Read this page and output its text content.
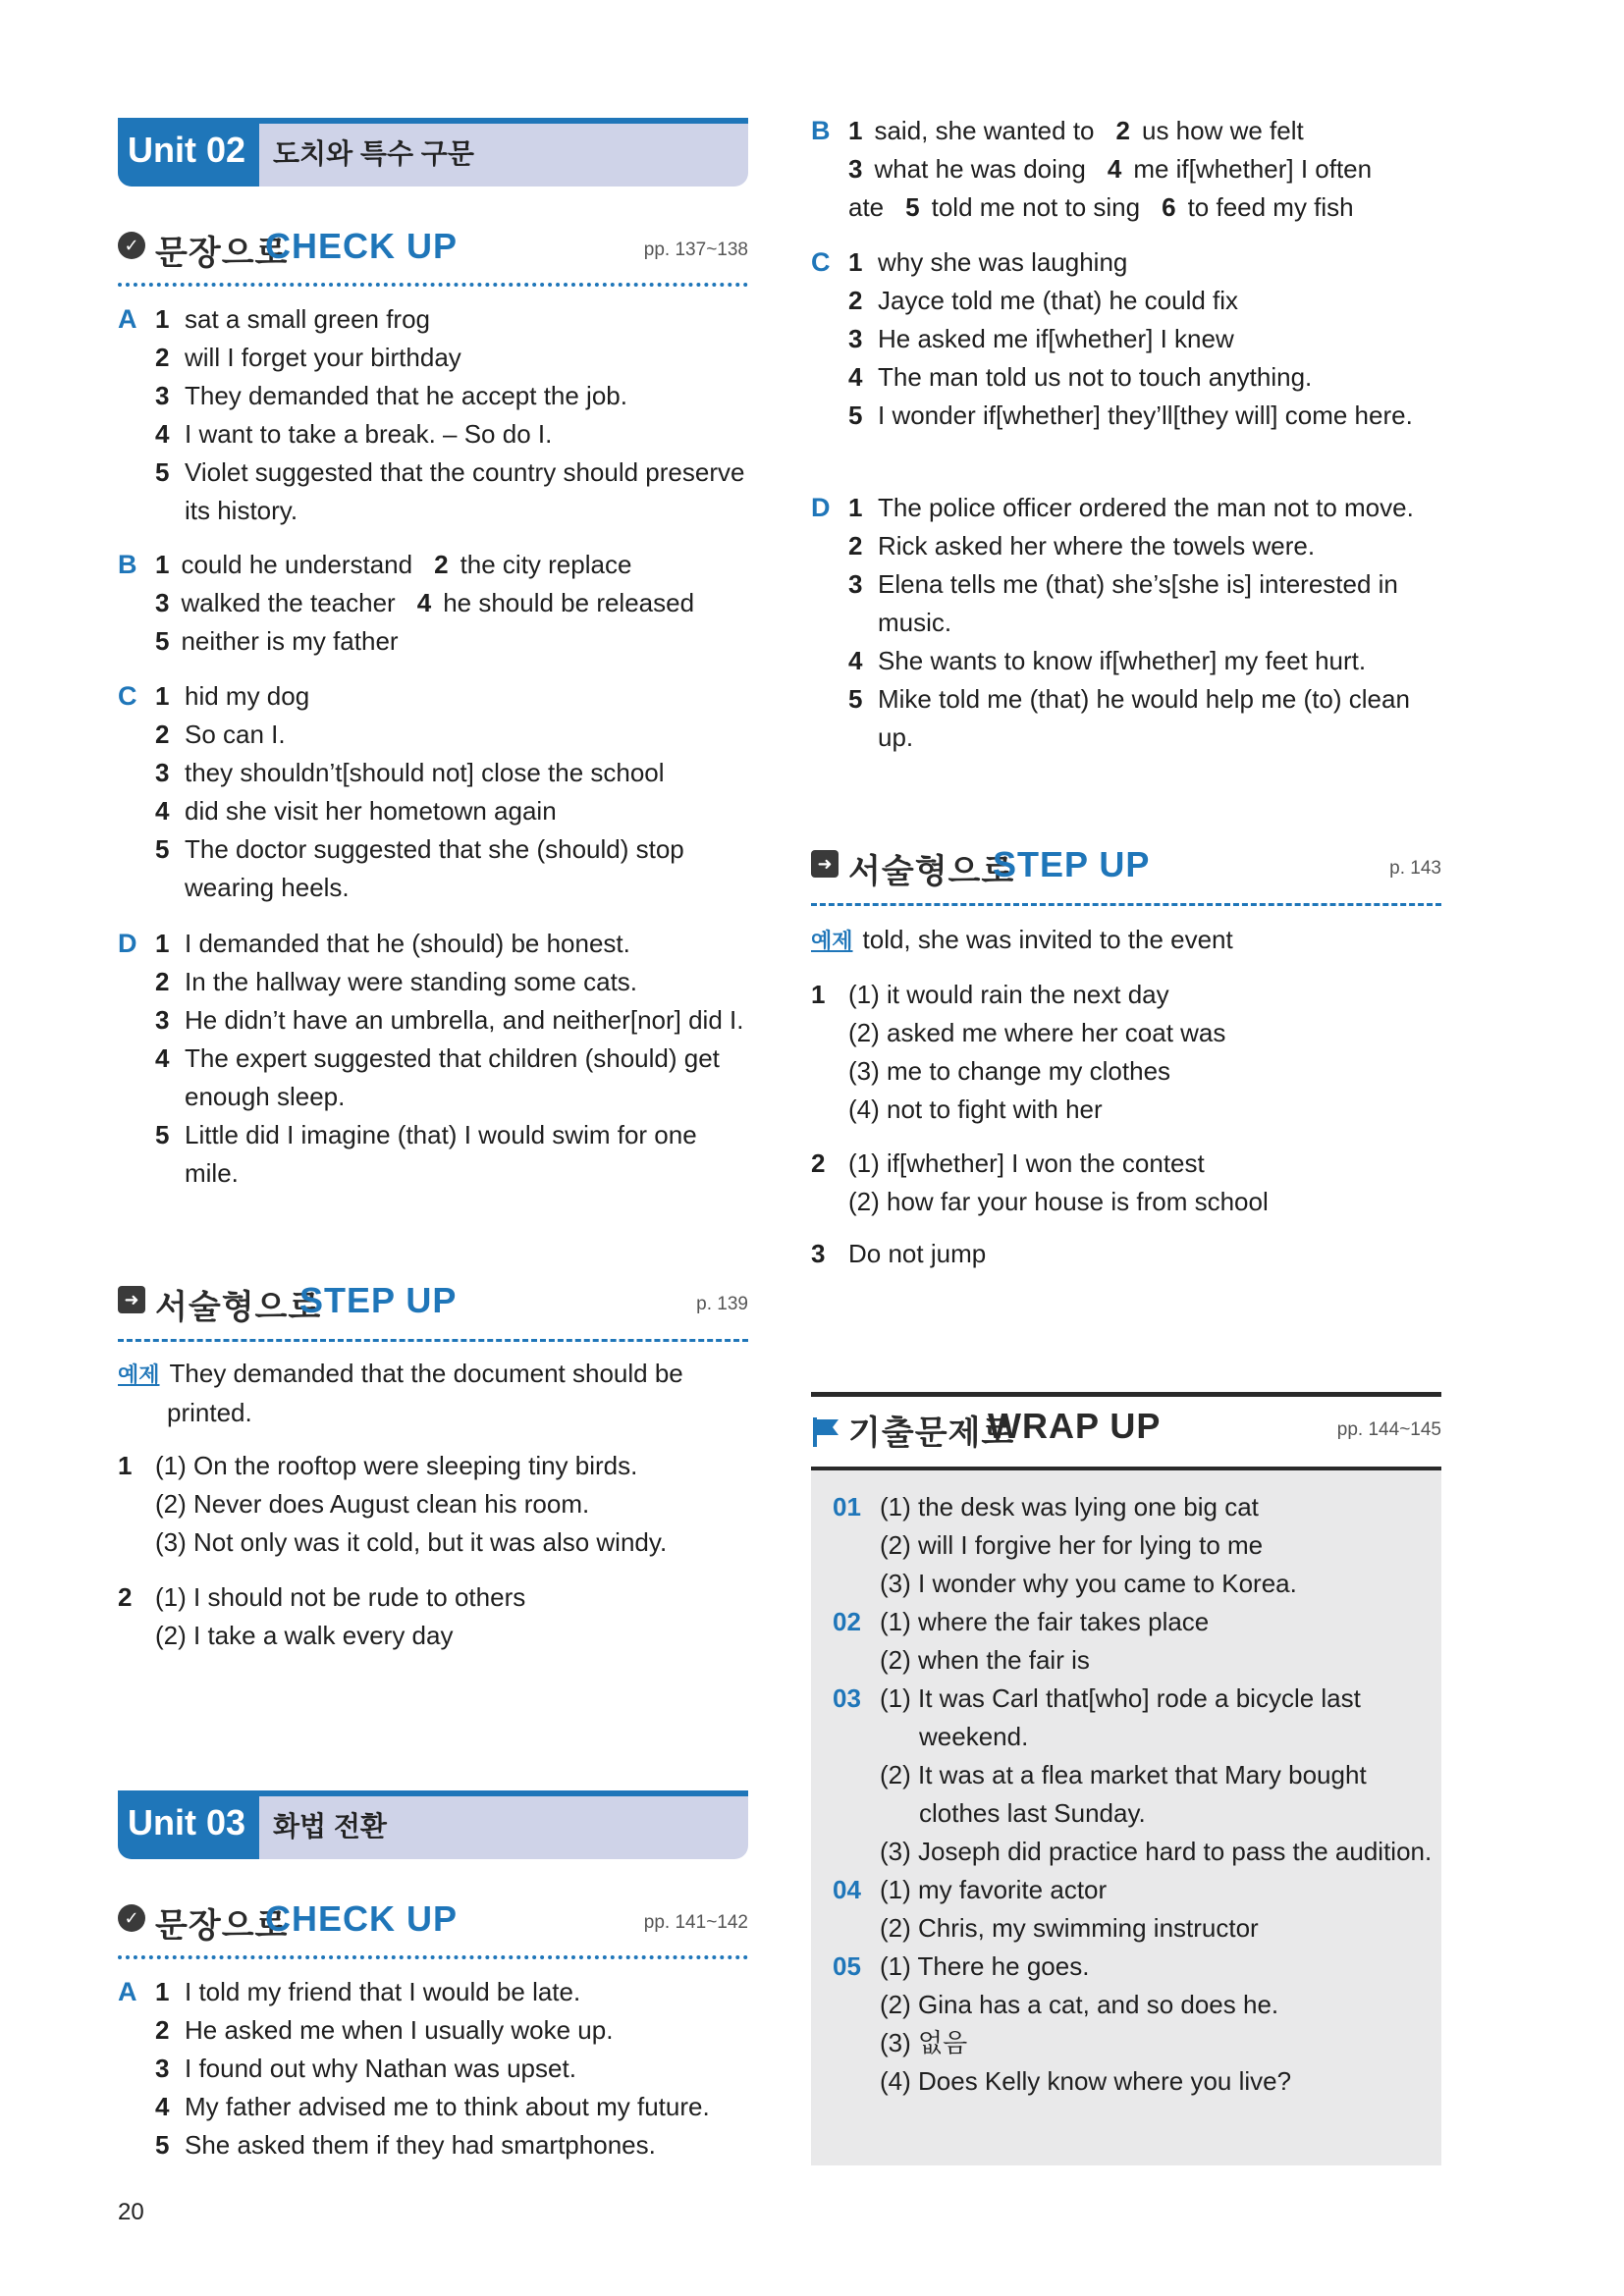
Unit 02 도치와 특수 구문
✓ 문장으로
CHECK UP	pp. 137~138
A 1 sat a small green frog
2 will I forget your birthday
3 They demanded that he accept the job.
4 I want to take a break. – So do I.
5 Violet suggested that the country should preserve its history.
B 1 could he understand 2 the city replace
3 walked the teacher 4 he should be released
5 neither is my father
C 1 hid my dog
2 So can I.
3 they shouldn’t[should not] close the school
4 did she visit her hometown again
5 The doctor suggested that she (should) stop wearing heels.
D 1 I demanded that he (should) be honest.
2 In the hallway were standing some cats.
3 He didn’t have an umbrella, and neither[nor] did I.
4 The expert suggested that children (should) get enough sleep.
5 Little did I imagine (that) I would swim for one mile.
➜ 서술형으로
STEP UP	p. 139
예제 They demanded that the document should be printed.
1 (1) On the rooftop were sleeping tiny birds.
(2) Never does August clean his room.
(3) Not only was it cold, but it was also windy.
2 (1) I should not be rude to others
(2) I take a walk every day
Unit 03 화법 전환
✓ 문장으로
CHECK UP	pp. 141~142
A 1 I told my friend that I would be late.
2 He asked me when I usually woke up.
3 I found out why Nathan was upset.
4 My father advised me to think about my future.
5 She asked them if they had smartphones.
B 1 said, she wanted to 2 us how we felt
3 what he was doing 4 me if[whether] I often
ate 5 told me not to sing 6 to feed my fish
C 1 why she was laughing
2 Jayce told me (that) he could fix
3 He asked me if[whether] I knew
4 The man told us not to touch anything.
5 I wonder if[whether] they’ll[they will] come here.
D 1 The police officer ordered the man not to move.
2 Rick asked her where the towels were.
3 Elena tells me (that) she’s[she is] interested in music.
4 She wants to know if[whether] my feet hurt.
5 Mike told me (that) he would help me (to) clean up.
➜ 서술형으로
STEP UP	p. 143
예제 told, she was invited to the event
1 (1) it would rain the next day
(2) asked me where her coat was
(3) me to change my clothes
(4) not to fight with her
2 (1) if[whether] I won the contest
(2) how far your house is from school
3 Do not jump
기출문제로
WRAP UP	pp. 144~145
01 (1) the desk was lying one big cat
(2) will I forgive her for lying to me
(3) I wonder why you came to Korea.
02 (1) where the fair takes place
(2) when the fair is
03 (1) It was Carl that[who] rode a bicycle last weekend.
(2) It was at a flea market that Mary bought clothes last Sunday.
(3) Joseph did practice hard to pass the audition.
04 (1) my favorite actor
(2) Chris, my swimming instructor
05 (1) There he goes.
(2) Gina has a cat, and so does he.
(3) 없음
(4) Does Kelly know where you live?
20
